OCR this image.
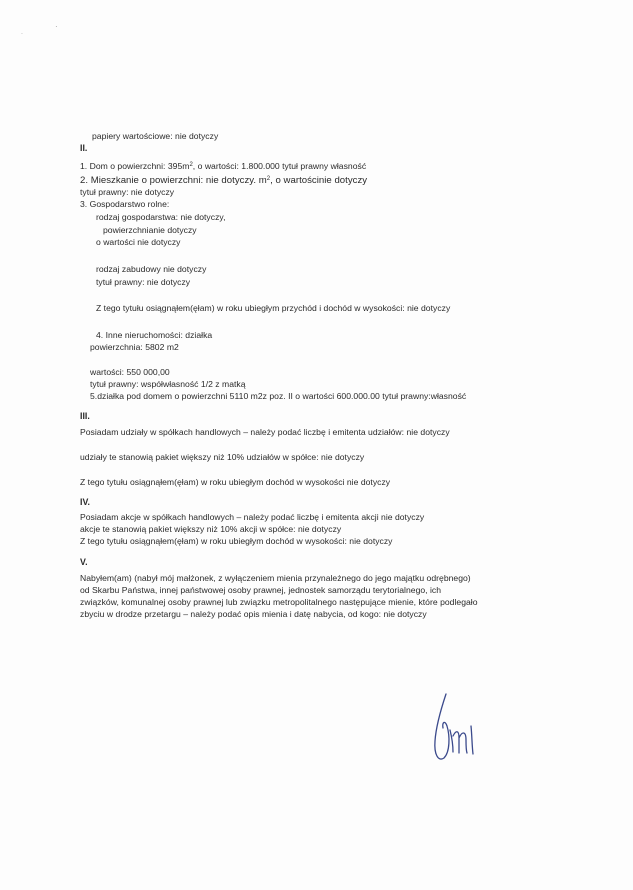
˙
·
papiery wartościowe: nie dotyczy
II.
1. Dom o powierzchni: $395m^2$, o wartości: 1.800.000 tytuł prawny własność
2. Mieszkanie o powierzchni: nie dotyczy. $m^2$, o wartościnie dotyczy
tytuł prawny: nie dotyczy
3. Gospodarstwo rolne:
rodzaj gospodarstwa: nie dotyczy,
powierzchnianie dotyczy
o wartości nie dotyczy
rodzaj zabudowy nie dotyczy
tytuł prawny: nie dotyczy
Z tego tytułu osiągnąłem(ęłam) w roku ubiegłym przychód i dochód w wysokości: nie dotyczy
4. Inne nieruchomości: działka
powierzchnia: 5802 m2
wartości: 550 000,00
tytuł prawny: współwłasność 1/2 z matką
5.działka pod domem o powierzchni 5110 m2z poz. II o wartości 600.000.00 tytuł prawny:własność
III.
Posiadam udziały w spółkach handlowych – należy podać liczbę i emitenta udziałów: nie dotyczy
udziały te stanowią pakiet większy niż 10% udziałów w spółce: nie dotyczy
Z tego tytułu osiągnąłem(ęłam) w roku ubiegłym dochód w wysokości nie dotyczy
IV.
Posiadam akcje w spółkach handlowych – należy podać liczbę i emitenta akcji nie dotyczy
akcje te stanowią pakiet większy niż 10% akcji w spółce: nie dotyczy
Z tego tytułu osiągnąłem(ęłam) w roku ubiegłym dochód w wysokości: nie dotyczy
V.
Nabyłem(am) (nabył mój małżonek, z wyłączeniem mienia przynależnego do jego majątku odrębnego)
od Skarbu Państwa, innej państwowej osoby prawnej, jednostek samorządu terytorialnego, ich
związków, komunalnej osoby prawnej lub związku metropolitalnego następujące mienie, które podlegało
zbyciu w drodze przetargu – należy podać opis mienia i datę nabycia, od kogo: nie dotyczy
